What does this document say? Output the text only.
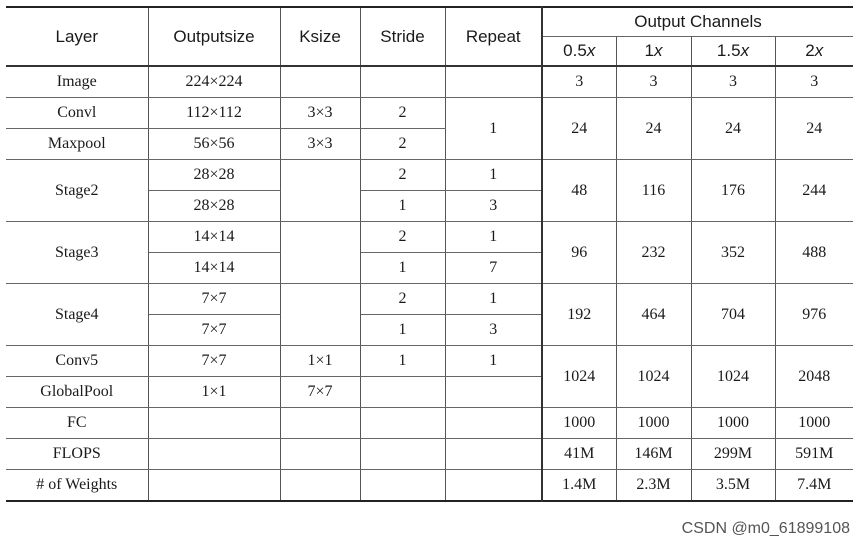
Layer	Outputsize	Ksize	Stride	Repeat	Output Channels			
					0.5x	1x	1.5x	2x
Image	224×224				3	3	3	3
Convl	112×112	3×3	2	1	24	24	24	24
Maxpool	56×56	3×3	2					
Stage2	28×28		2	1	48	116	176	244
	28×28		1	3				
Stage3	14×14		2	1	96	232	352	488
	14×14		1	7				
Stage4	7×7		2	1	192	464	704	976
	7×7		1	3				
Conv5	7×7	1×1	1	1	1024	1024	1024	2048
GlobalPool	1×1	7×7						
FC					1000	1000	1000	1000
FLOPS					41M	146M	299M	591M
# of Weights					1.4M	2.3M	3.5M	7.4M
CSDN @m0_61899108
